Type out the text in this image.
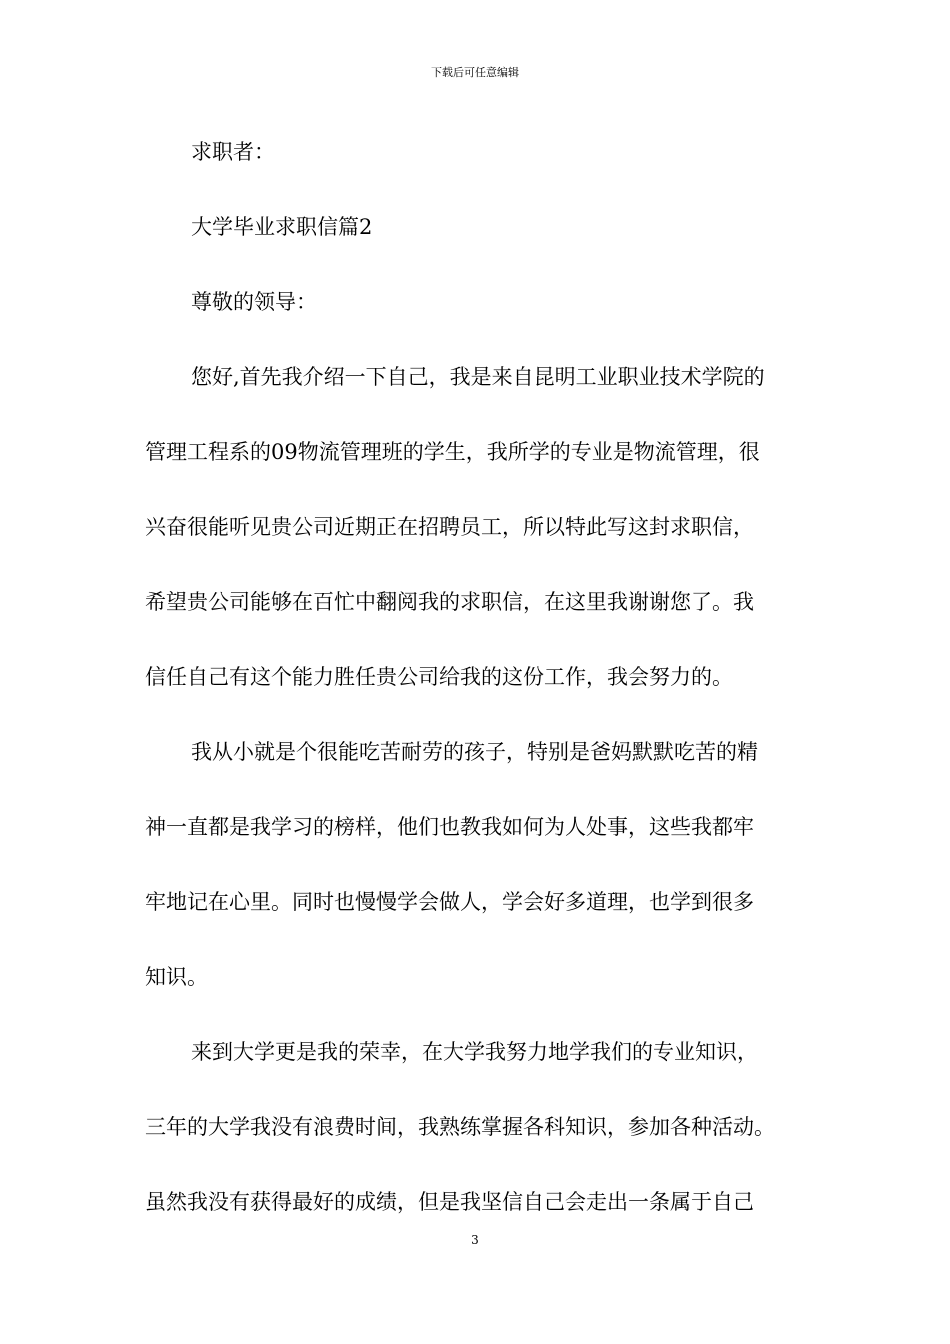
下载后可任意编辑
求职者：
大学毕业求职信篇2
尊敬的领导：
您好,首先我介绍一下自己，我是来自昆明工业职业技术学院的
管理工程系的09物流管理班的学生，我所学的专业是物流管理，很
兴奋很能听见贵公司近期正在招聘员工，所以特此写这封求职信，
希望贵公司能够在百忙中翻阅我的求职信，在这里我谢谢您了。我
信任自己有这个能力胜任贵公司给我的这份工作，我会努力的。
我从小就是个很能吃苦耐劳的孩子，特别是爸妈默默吃苦的精
神一直都是我学习的榜样，他们也教我如何为人处事，这些我都牢
牢地记在心里。同时也慢慢学会做人，学会好多道理，也学到很多
知识。
来到大学更是我的荣幸，在大学我努力地学我们的专业知识，
三年的大学我没有浪费时间，我熟练掌握各科知识，参加各种活动。
虽然我没有获得最好的成绩，但是我坚信自己会走出一条属于自己
3
